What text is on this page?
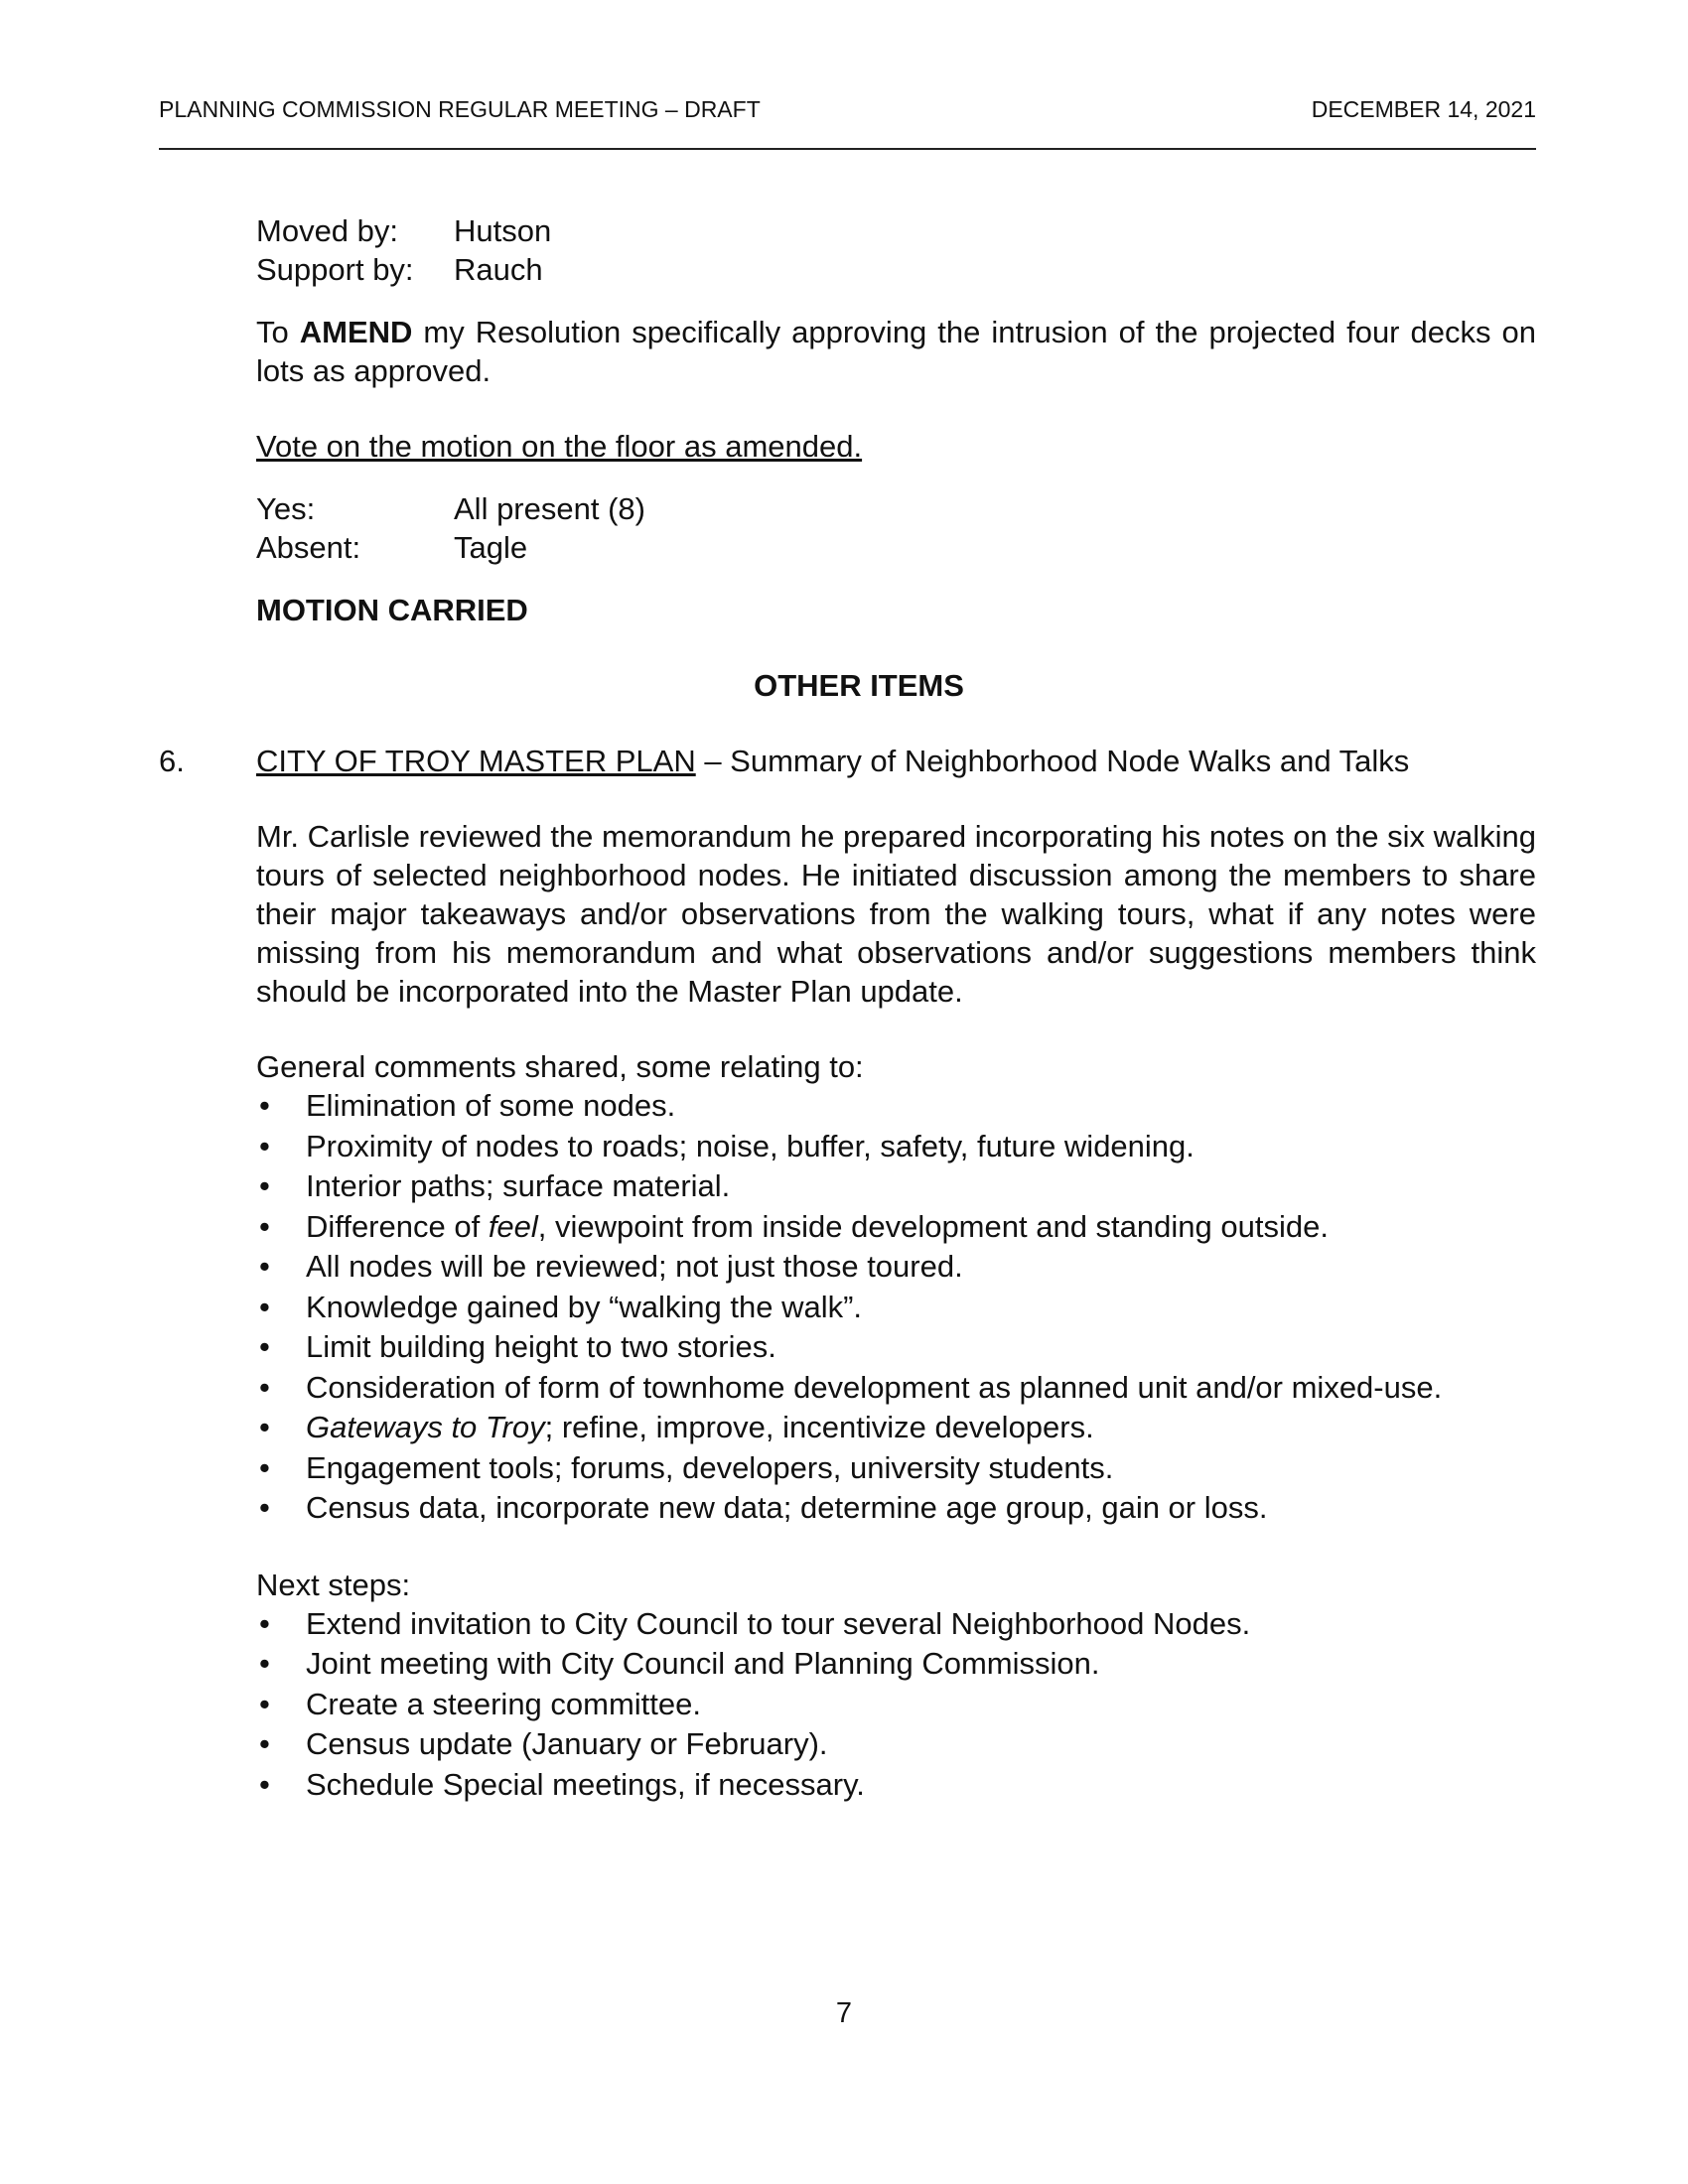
PLANNING COMMISSION REGULAR MEETING – DRAFT	DECEMBER 14, 2021
Moved by:	Hutson
Support by:	Rauch
To AMEND my Resolution specifically approving the intrusion of the projected four decks on lots as approved.
Vote on the motion on the floor as amended.
Yes:	All present (8)
Absent:	Tagle
MOTION CARRIED
OTHER ITEMS
6. CITY OF TROY MASTER PLAN – Summary of Neighborhood Node Walks and Talks
Mr. Carlisle reviewed the memorandum he prepared incorporating his notes on the six walking tours of selected neighborhood nodes. He initiated discussion among the members to share their major takeaways and/or observations from the walking tours, what if any notes were missing from his memorandum and what observations and/or suggestions members think should be incorporated into the Master Plan update.
General comments shared, some relating to:
• Elimination of some nodes.
• Proximity of nodes to roads; noise, buffer, safety, future widening.
• Interior paths; surface material.
• Difference of feel, viewpoint from inside development and standing outside.
• All nodes will be reviewed; not just those toured.
• Knowledge gained by “walking the walk”.
• Limit building height to two stories.
• Consideration of form of townhome development as planned unit and/or mixed-use.
• Gateways to Troy; refine, improve, incentivize developers.
• Engagement tools; forums, developers, university students.
• Census data, incorporate new data; determine age group, gain or loss.
Next steps:
• Extend invitation to City Council to tour several Neighborhood Nodes.
• Joint meeting with City Council and Planning Commission.
• Create a steering committee.
• Census update (January or February).
• Schedule Special meetings, if necessary.
7
